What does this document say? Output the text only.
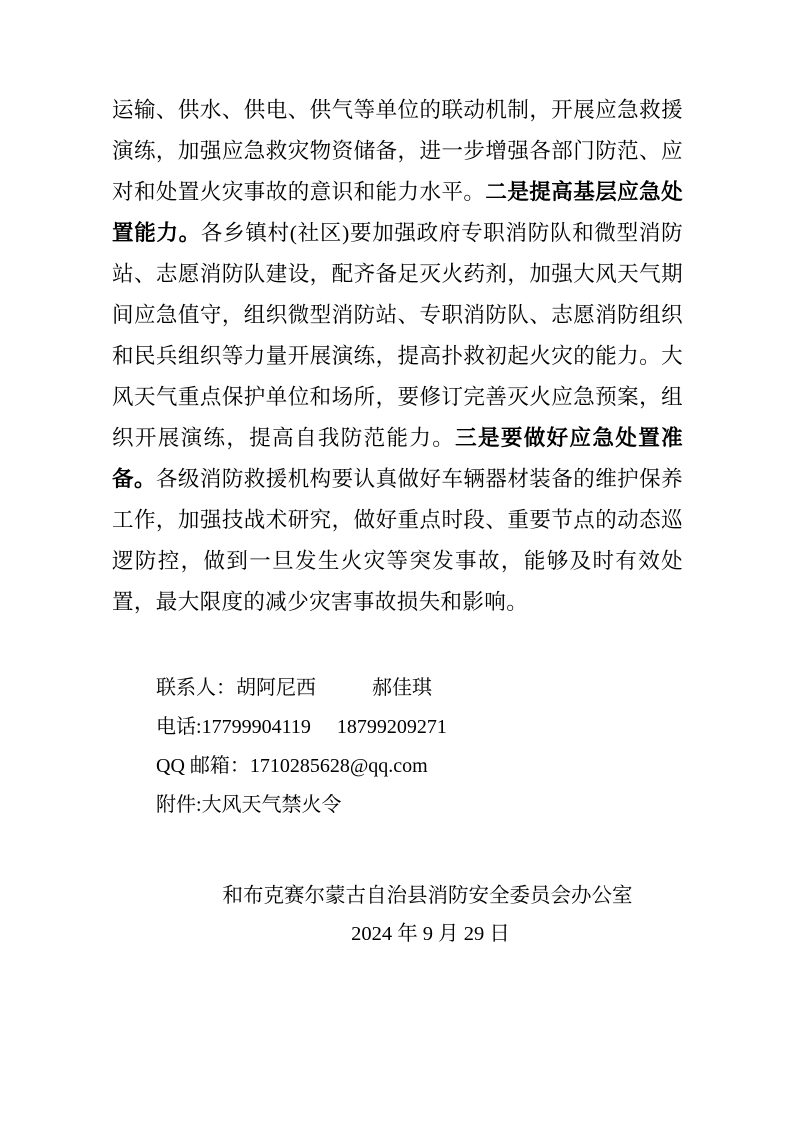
运输、供水、供电、供气等单位的联动机制，开展应急救援演练，加强应急救灾物资储备，进一步增强各部门防范、应对和处置火灾事故的意识和能力水平。二是提高基层应急处置能力。各乡镇村(社区)要加强政府专职消防队和微型消防站、志愿消防队建设，配齐备足灭火药剂，加强大风天气期间应急值守，组织微型消防站、专职消防队、志愿消防组织和民兵组织等力量开展演练，提高扑救初起火灾的能力。大风天气重点保护单位和场所，要修订完善灭火应急预案，组织开展演练，提高自我防范能力。三是要做好应急处置准备。各级消防救援机构要认真做好车辆器材装备的维护保养工作，加强技战术研究，做好重点时段、重要节点的动态巡逻防控，做到一旦发生火灾等突发事故，能够及时有效处置，最大限度的减少灾害事故损失和影响。

联系人：胡阿尼西	郝佳琪
电话:17799904119 18799209271
QQ 邮箱：1710285628@qq.com
附件:大风天气禁火令
和布克赛尔蒙古自治县消防安全委员会办公室
2024 年 9 月 29 日
